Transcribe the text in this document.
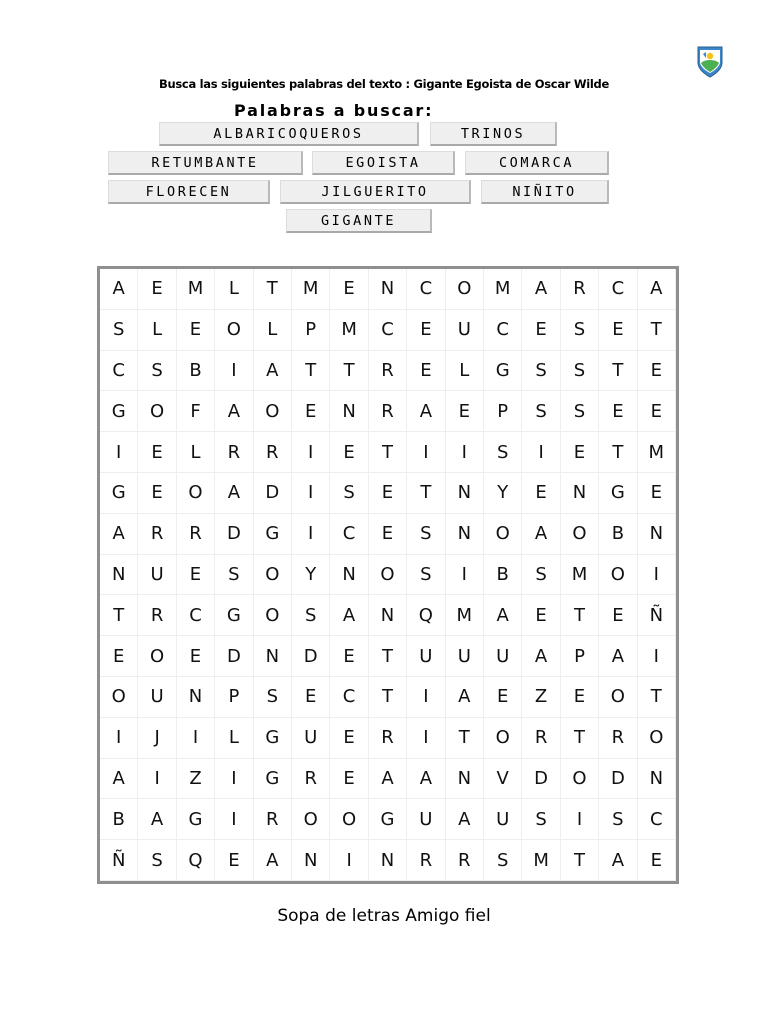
Busca las siguientes palabras del texto : Gigante Egoista de Oscar Wilde
Palabras a buscar:
ALBARICOQUEROS	TRINOS
RETUMBANTE	EGOISTA	COMARCA
FLORECEN	JILGUERITO	NIÑITO
GIGANTE
A	E	M	L	T	M	E	N	C	O	M	A	R	C	A
S	L	E	O	L	P	M	C	E	U	C	E	S	E	T
C	S	B	I	A	T	T	R	E	L	G	S	S	T	E
G	O	F	A	O	E	N	R	A	E	P	S	S	E	E
I	E	L	R	R	I	E	T	I	I	S	I	E	T	M
G	E	O	A	D	I	S	E	T	N	Y	E	N	G	E
A	R	R	D	G	I	C	E	S	N	O	A	O	B	N
N	U	E	S	O	Y	N	O	S	I	B	S	M	O	I
T	R	C	G	O	S	A	N	Q	M	A	E	T	E	Ñ
E	O	E	D	N	D	E	T	U	U	U	A	P	A	I
O	U	N	P	S	E	C	T	I	A	E	Z	E	O	T
I	J	I	L	G	U	E	R	I	T	O	R	T	R	O
A	I	Z	I	G	R	E	A	A	N	V	D	O	D	N
B	A	G	I	R	O	O	G	U	A	U	S	I	S	C
Ñ	S	Q	E	A	N	I	N	R	R	S	M	T	A	E
Sopa de letras Amigo fiel
